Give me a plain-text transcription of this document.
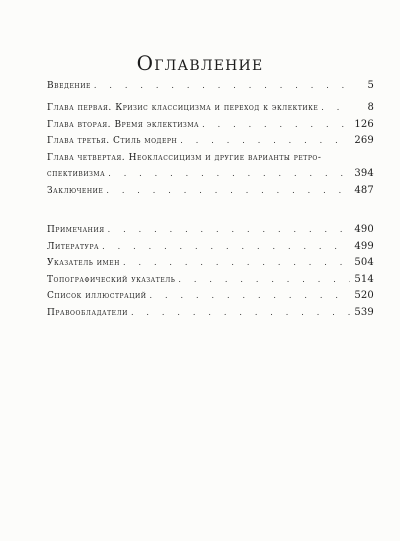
Оглавление
Введение . . .	5
Глава первая. Кризис классицизма и переход к эклектике . . .	8
Глава вторая. Время эклектизма . . .	126
Глава третья. Стиль модерн . . .	269
Глава четвертая. Неоклассицизм и другие варианты ретро-
спективизма . . .	394
Заключение . . .	487
Примечания . . .	490
Литература . . .	499
Указатель имен . . .	504
Топографический указатель . . .	514
Список иллюстраций . . .	520
Правообладатели . . .	539
